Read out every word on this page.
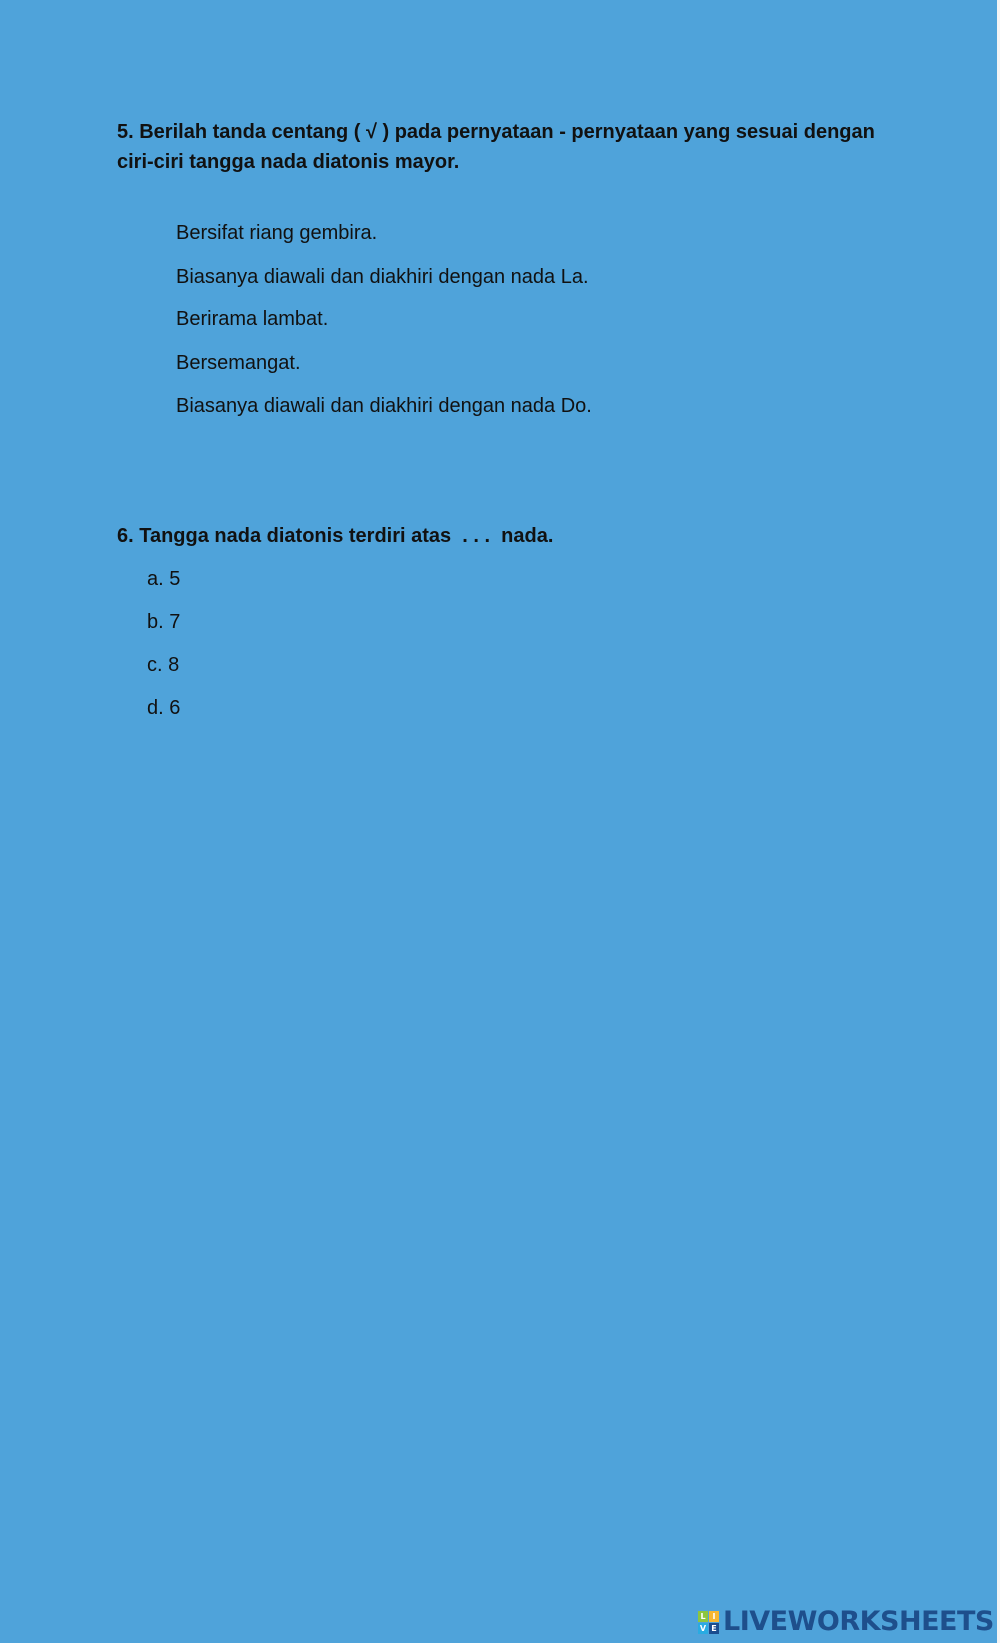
5. Berilah tanda centang ( √ ) pada pernyataan - pernyataan yang sesuai dengan ciri-ciri tangga nada diatonis mayor.
Bersifat riang gembira.
Biasanya diawali dan diakhiri dengan nada La.
Berirama lambat.
Bersemangat.
Biasanya diawali dan diakhiri dengan nada Do.
6. Tangga nada diatonis terdiri atas  . . .  nada.
a. 5
b. 7
c. 8
d. 6
L I
V E LIVEWORKSHEETS
